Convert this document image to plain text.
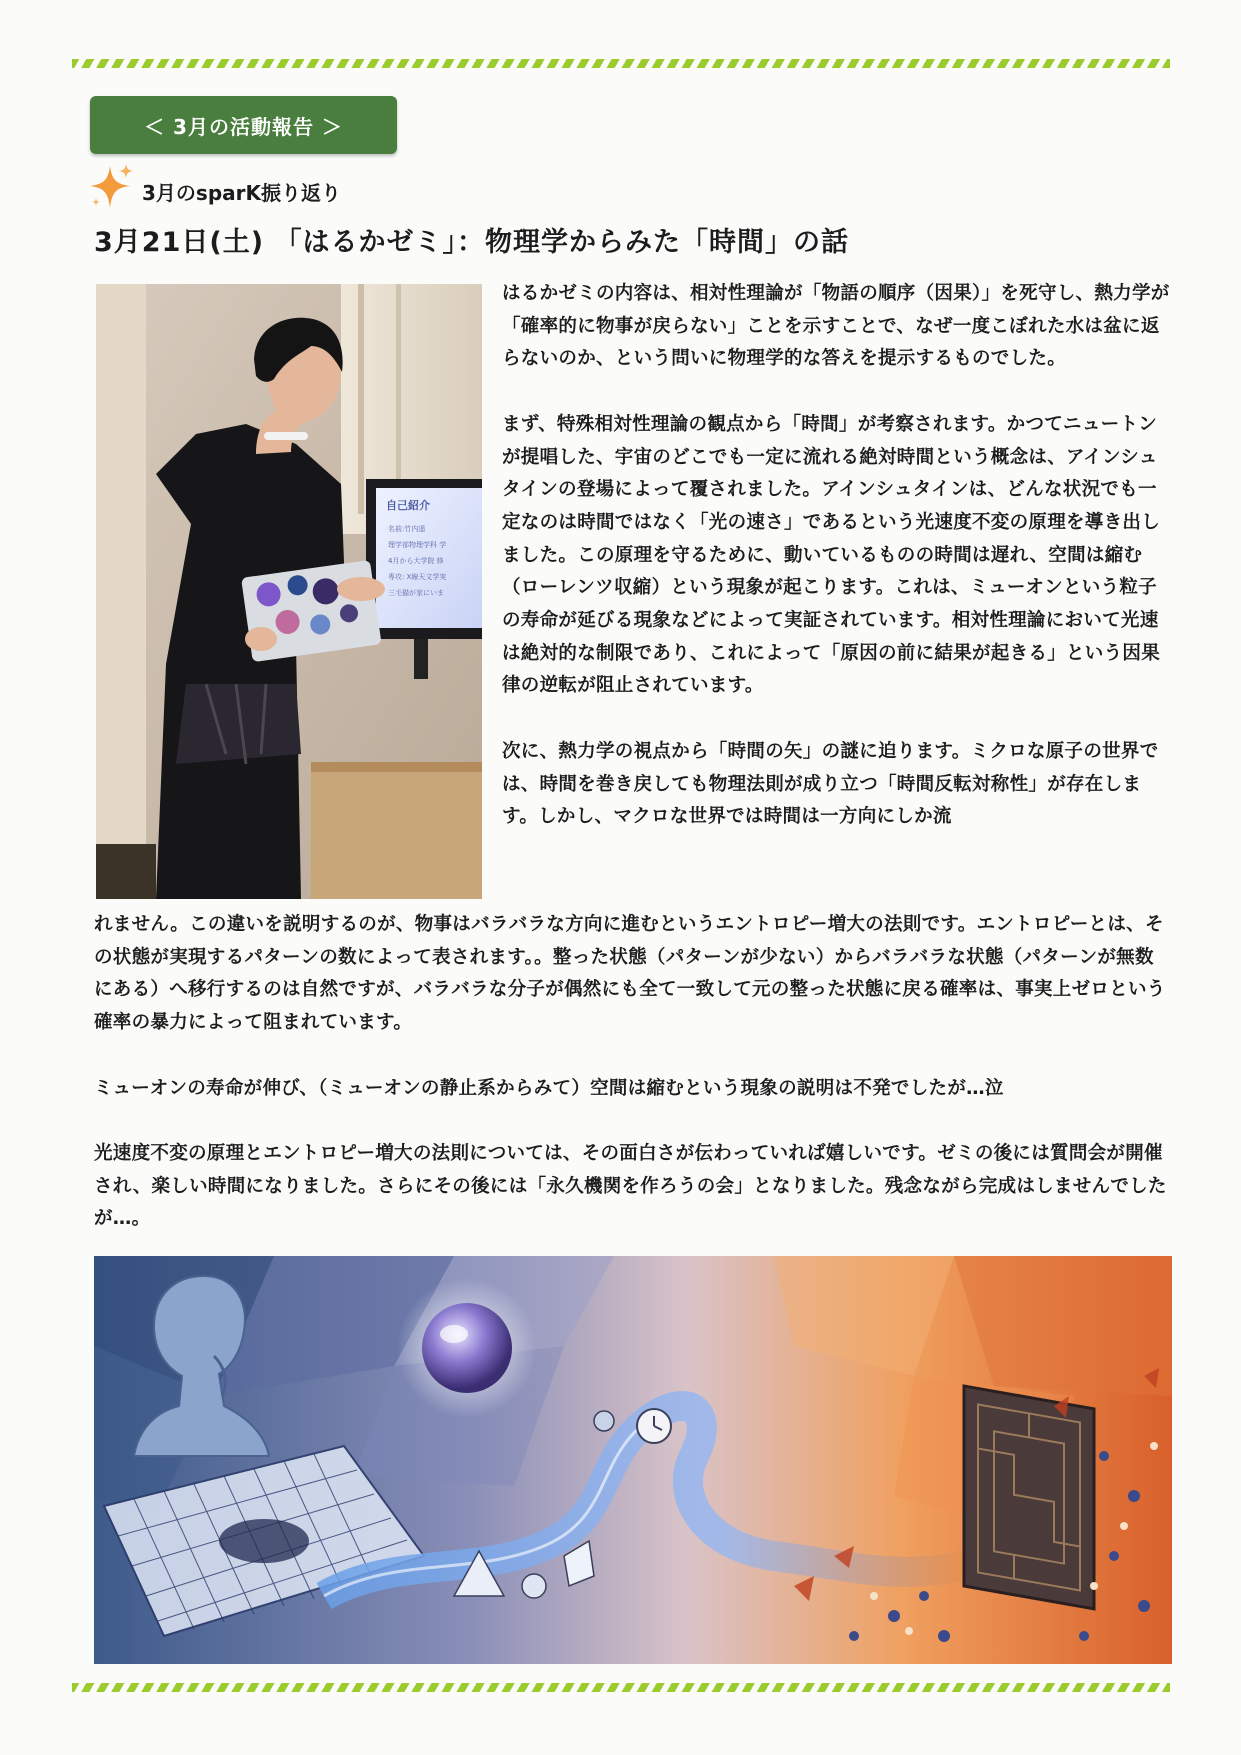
＜ 3月の活動報告 ＞
3月のsparK振り返り
3月21日(土) 「はるかゼミ」：物理学からみた「時間」の話
自己紹介
名前:竹内遥
理学部物理学科 学
4月から大学院 修
専攻: X線天文学実
三毛猫が家にいま

はるかゼミの内容は、相対性理論が「物語の順序（因果）」を死守し、熱力学が「確率的に物事が戻らない」ことを示すことで、なぜ一度こぼれた水は盆に返らないのか、という問いに物理学的な答えを提示するものでした。

まず、特殊相対性理論の観点から「時間」が考察されます。かつてニュートンが提唱した、宇宙のどこでも一定に流れる絶対時間という概念は、アインシュタインの登場によって覆されました。アインシュタインは、どんな状況でも一定なのは時間ではなく「光の速さ」であるという光速度不変の原理を導き出しました。この原理を守るために、動いているものの時間は遅れ、空間は縮む（ローレンツ収縮）という現象が起こります。これは、ミューオンという粒子の寿命が延びる現象などによって実証されています。相対性理論において光速は絶対的な制限であり、これによって「原因の前に結果が起きる」という因果律の逆転が阻止されています。

次に、熱力学の視点から「時間の矢」の謎に迫ります。ミクロな原子の世界では、時間を巻き戻しても物理法則が成り立つ「時間反転対称性」が存在します。しかし、マクロな世界では時間は一方向にしか流

れません。この違いを説明するのが、物事はバラバラな方向に進むというエントロピー増大の法則です。エントロピーとは、その状態が実現するパターンの数によって表されます。。整った状態（パターンが少ない）からバラバラな状態（パターンが無数にある）へ移行するのは自然ですが、バラバラな分子が偶然にも全て一致して元の整った状態に戻る確率は、事実上ゼロという確率の暴力によって阻まれています。

ミューオンの寿命が伸び、（ミューオンの静止系からみて）空間は縮むという現象の説明は不発でしたが…泣

光速度不変の原理とエントロピー増大の法則については、その面白さが伝わっていれば嬉しいです。ゼミの後には質問会が開催され、楽しい時間になりました。さらにその後には「永久機関を作ろうの会」となりました。残念ながら完成はしませんでしたが…。
